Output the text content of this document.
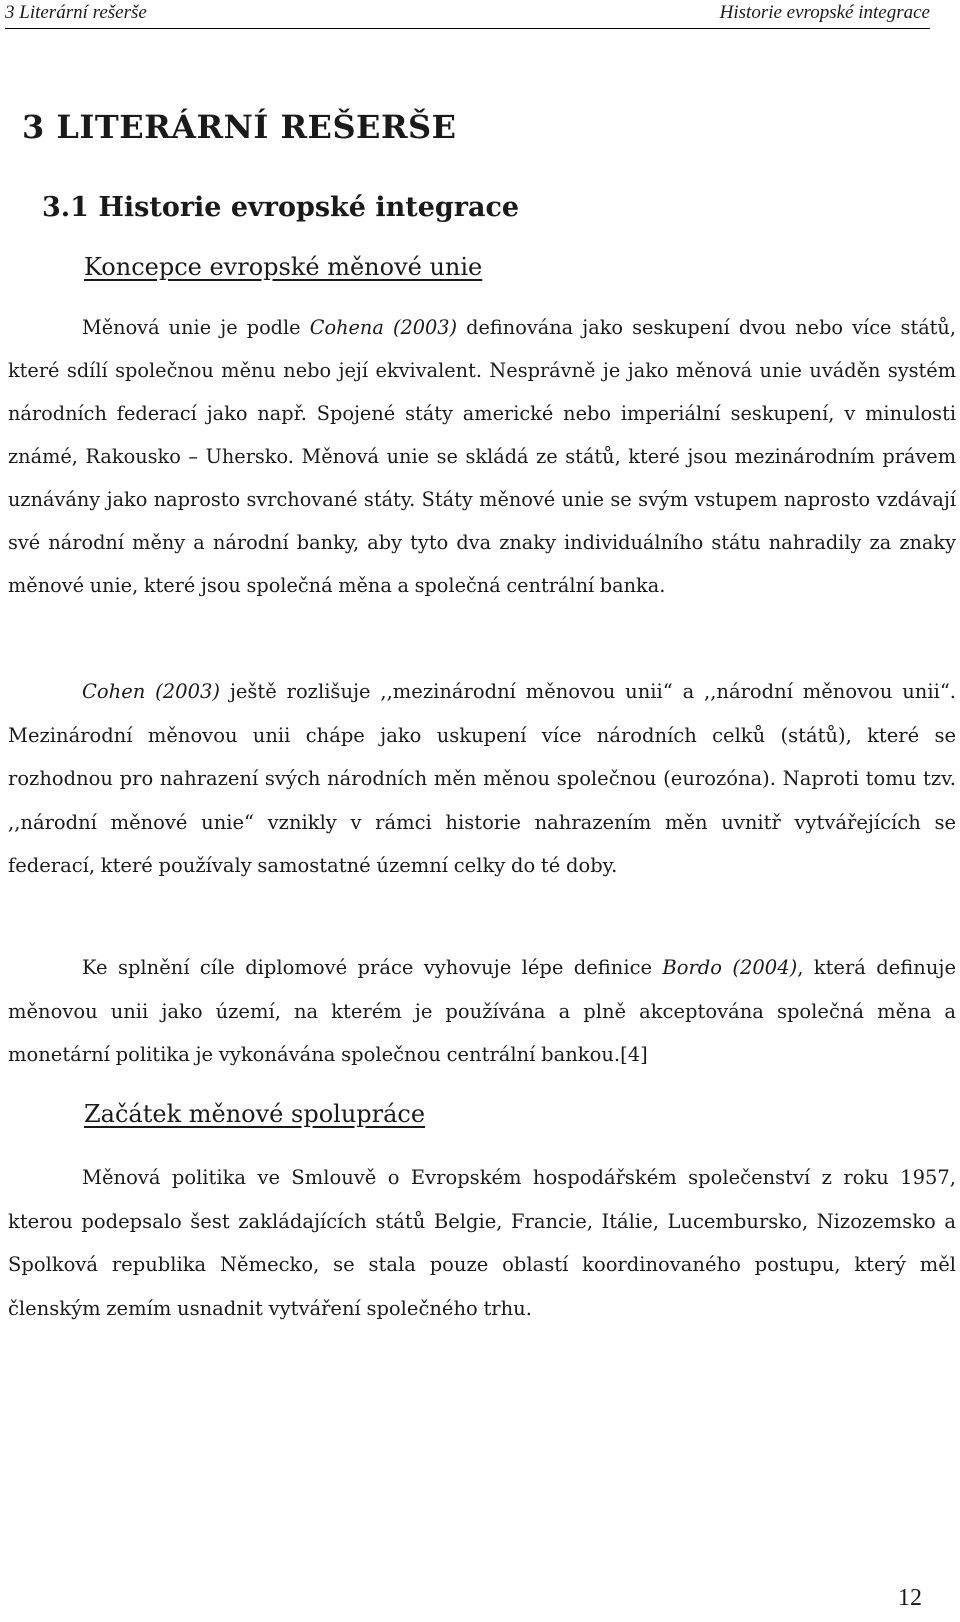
3 Literární rešerše	Historie evropské integrace
3 LITERÁRNÍ REŠERŠE
3.1 Historie evropské integrace
Koncepce evropské měnové unie

Měnová unie je podle Cohena (2003) definována jako seskupení dvou nebo více států, které sdílí společnou měnu nebo její ekvivalent. Nesprávně je jako měnová unie uváděn systém národních federací jako např. Spojené státy americké nebo imperiální seskupení, v minulosti známé, Rakousko – Uhersko. Měnová unie se skládá ze států, které jsou mezinárodním právem uznávány jako naprosto svrchované státy. Státy měnové unie se svým vstupem naprosto vzdávají své národní měny a národní banky, aby tyto dva znaky individuálního státu nahradily za znaky měnové unie, které jsou společná měna a společná centrální banka.

Cohen (2003) ještě rozlišuje ,,mezinárodní měnovou unii“ a ,,národní měnovou unii“. Mezinárodní měnovou unii chápe jako uskupení více národních celků (států), které se rozhodnou pro nahrazení svých národních měn měnou společnou (eurozóna). Naproti tomu tzv. ,,národní měnové unie“ vznikly v rámci historie nahrazením měn uvnitř vytvářejících se federací, které používaly samostatné územní celky do té doby.

Ke splnění cíle diplomové práce vyhovuje lépe definice Bordo (2004), která definuje měnovou unii jako území, na kterém je používána a plně akceptována společná měna a monetární politika je vykonávána společnou centrální bankou.[4]

Začátek měnové spolupráce

Měnová politika ve Smlouvě o Evropském hospodářském společenství z roku 1957, kterou podepsalo šest zakládajících států Belgie, Francie, Itálie, Lucembursko, Nizozemsko a Spolková republika Německo, se stala pouze oblastí koordinovaného postupu, který měl členským zemím usnadnit vytváření společného trhu.

12
